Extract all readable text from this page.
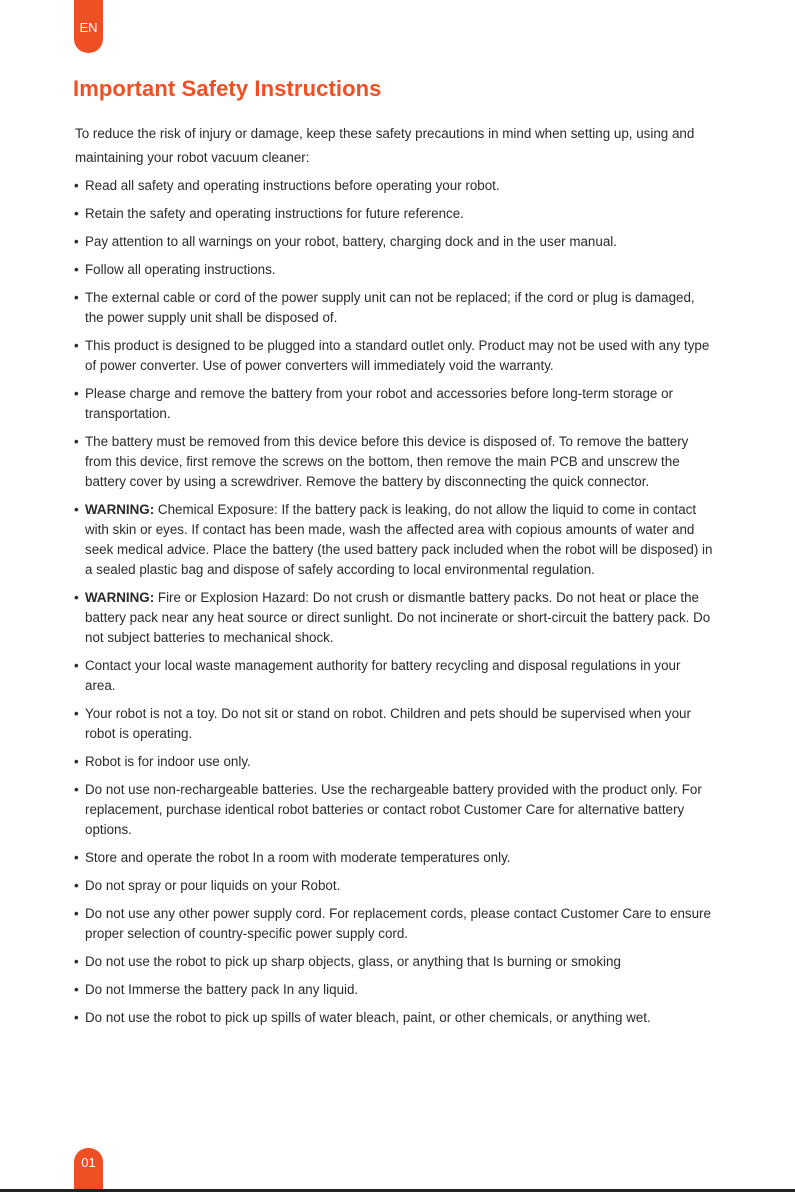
EN
Important Safety Instructions

To reduce the risk of injury or damage, keep these safety precautions in mind when setting up, using and maintaining your robot vacuum cleaner:

• Read all safety and operating instructions before operating your robot.
• Retain the safety and operating instructions for future reference.
• Pay attention to all warnings on your robot, battery, charging dock and in the user manual.
• Follow all operating instructions.
• The external cable or cord of the power supply unit can not be replaced; if the cord or plug is damaged, the power supply unit shall be disposed of.
• This product is designed to be plugged into a standard outlet only. Product may not be used with any type of power converter. Use of power converters will immediately void the warranty.
• Please charge and remove the battery from your robot and accessories before long-term storage or transportation.
• The battery must be removed from this device before this device is disposed of. To remove the battery from this device, first remove the screws on the bottom, then remove the main PCB and unscrew the battery cover by using a screwdriver. Remove the battery by disconnecting the quick connector.
• WARNING: Chemical Exposure: If the battery pack is leaking, do not allow the liquid to come in contact with skin or eyes. If contact has been made, wash the affected area with copious amounts of water and seek medical advice. Place the battery (the used battery pack included when the robot will be disposed) in a sealed plastic bag and dispose of safely according to local environmental regulation.
• WARNING: Fire or Explosion Hazard: Do not crush or dismantle battery packs. Do not heat or place the battery pack near any heat source or direct sunlight. Do not incinerate or short-circuit the battery pack. Do not subject batteries to mechanical shock.
• Contact your local waste management authority for battery recycling and disposal regulations in your area.
• Your robot is not a toy. Do not sit or stand on robot. Children and pets should be supervised when your robot is operating.
• Robot is for indoor use only.
• Do not use non-rechargeable batteries. Use the rechargeable battery provided with the product only. For replacement, purchase identical robot batteries or contact robot Customer Care for alternative battery options.
• Store and operate the robot In a room with moderate temperatures only.
• Do not spray or pour liquids on your Robot.
• Do not use any other power supply cord. For replacement cords, please contact Customer Care to ensure proper selection of country-specific power supply cord.
• Do not use the robot to pick up sharp objects, glass, or anything that Is burning or smoking
• Do not Immerse the battery pack In any liquid.
• Do not use the robot to pick up spills of water bleach, paint, or other chemicals, or anything wet.
01
